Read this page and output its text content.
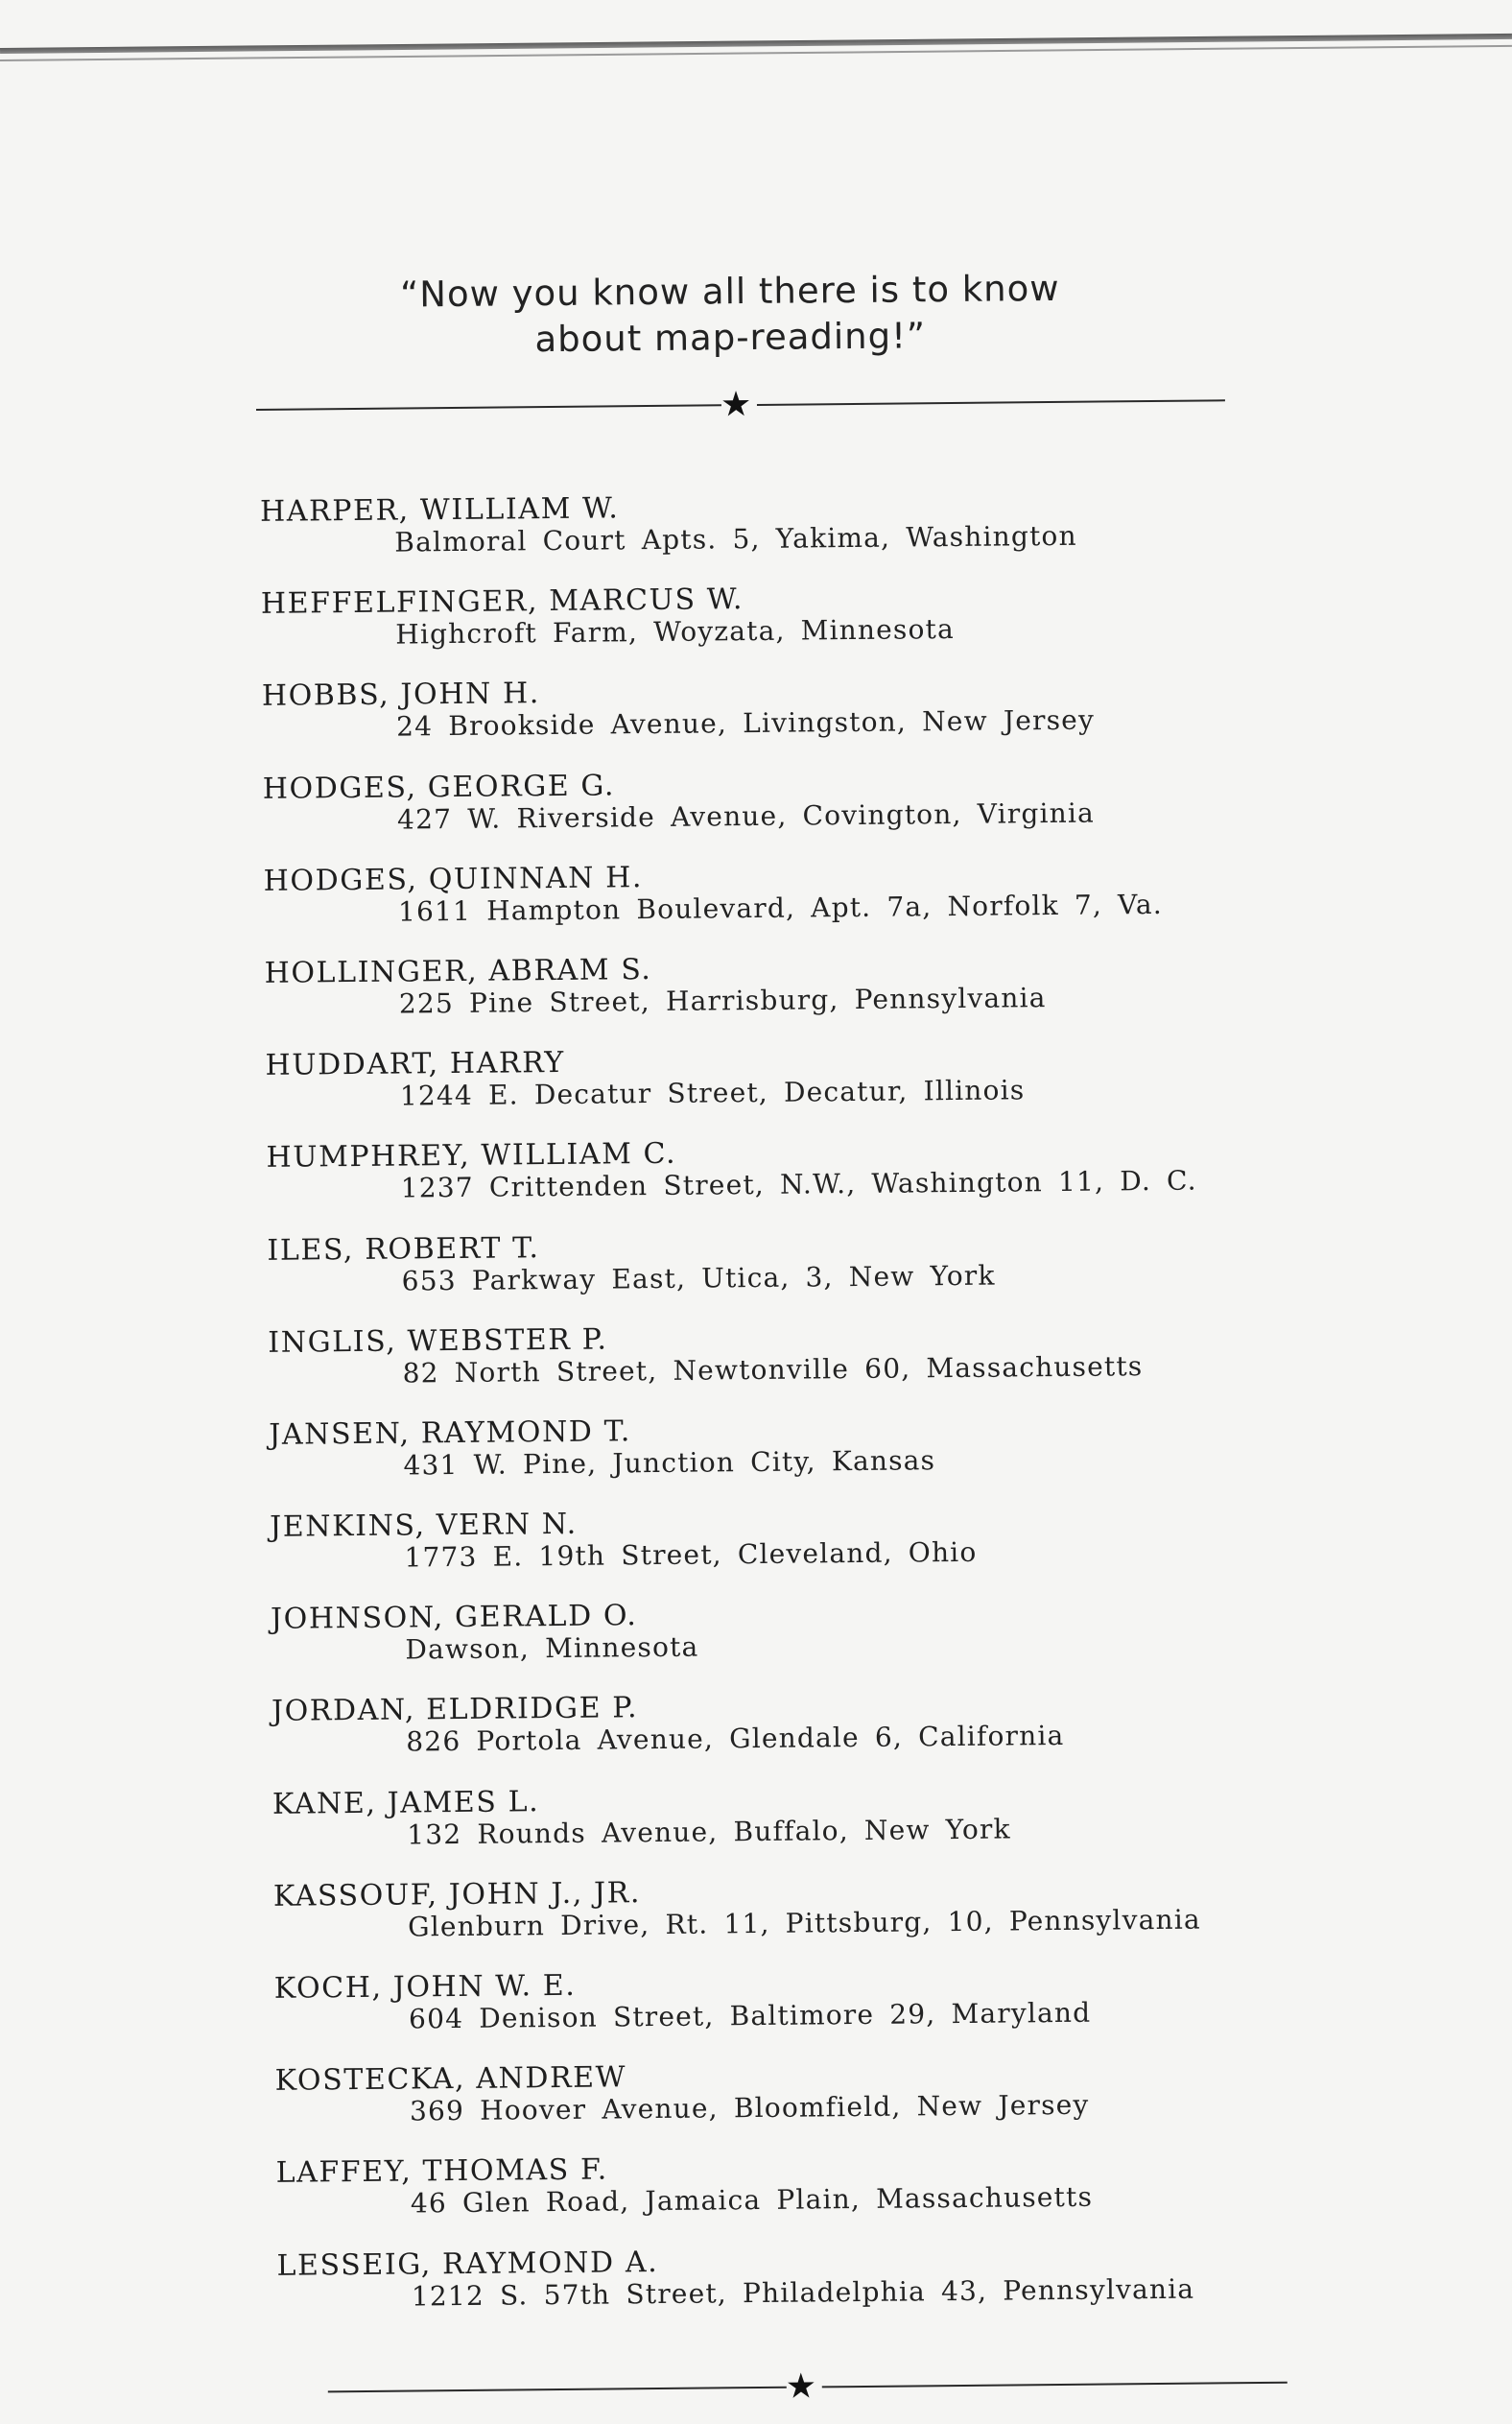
“Now you know all there is to know
about map-reading!”
★
HARPER, WILLIAM W.
Balmoral Court Apts. 5, Yakima, Washington
HEFFELFINGER, MARCUS W.
Highcroft Farm, Woyzata, Minnesota
HOBBS, JOHN H.
24 Brookside Avenue, Livingston, New Jersey
HODGES, GEORGE G.
427 W. Riverside Avenue, Covington, Virginia
HODGES, QUINNAN H.
1611 Hampton Boulevard, Apt. 7a, Norfolk 7, Va.
HOLLINGER, ABRAM S.
225 Pine Street, Harrisburg, Pennsylvania
HUDDART, HARRY
1244 E. Decatur Street, Decatur, Illinois
HUMPHREY, WILLIAM C.
1237 Crittenden Street, N.W., Washington 11, D. C.
ILES, ROBERT T.
653 Parkway East, Utica, 3, New York
INGLIS, WEBSTER P.
82 North Street, Newtonville 60, Massachusetts
JANSEN, RAYMOND T.
431 W. Pine, Junction City, Kansas
JENKINS, VERN N.
1773 E. 19th Street, Cleveland, Ohio
JOHNSON, GERALD O.
Dawson, Minnesota
JORDAN, ELDRIDGE P.
826 Portola Avenue, Glendale 6, California
KANE, JAMES L.
132 Rounds Avenue, Buffalo, New York
KASSOUF, JOHN J., JR.
Glenburn Drive, Rt. 11, Pittsburg, 10, Pennsylvania
KOCH, JOHN W. E.
604 Denison Street, Baltimore 29, Maryland
KOSTECKA, ANDREW
369 Hoover Avenue, Bloomfield, New Jersey
LAFFEY, THOMAS F.
46 Glen Road, Jamaica Plain, Massachusetts
LESSEIG, RAYMOND A.
1212 S. 57th Street, Philadelphia 43, Pennsylvania
★
